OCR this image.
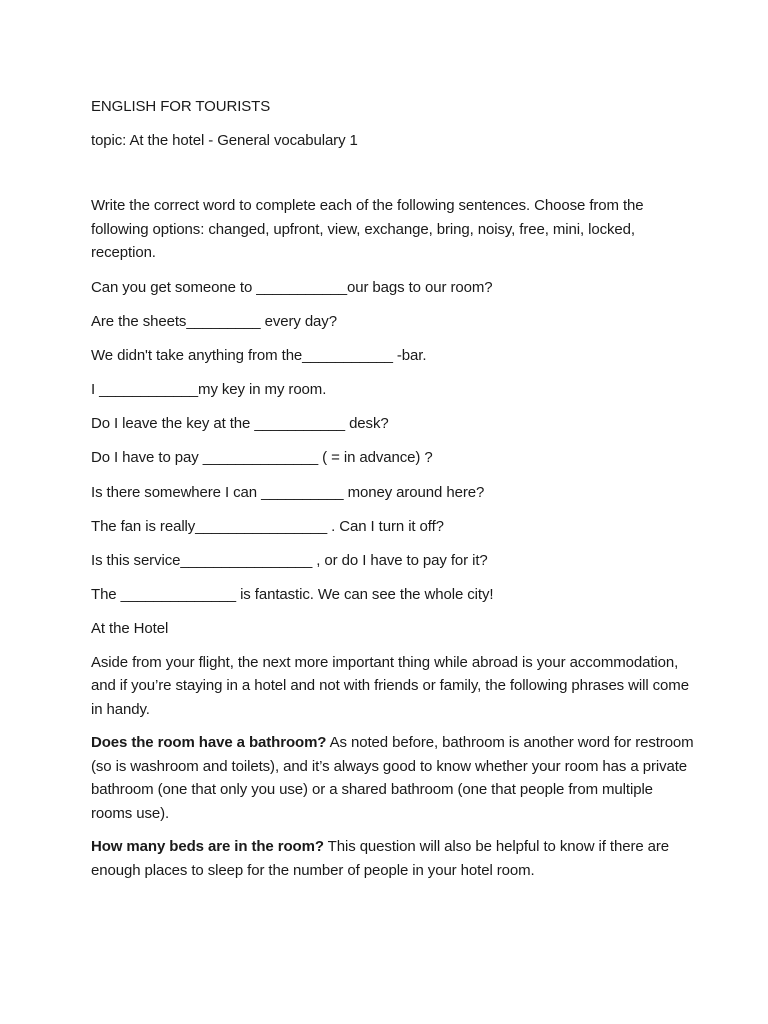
ENGLISH FOR TOURISTS

topic: At the hotel - General vocabulary 1

Write the correct word to complete each of the following sentences. Choose from the following options: changed, upfront, view, exchange, bring, noisy, free, mini, locked, reception.

Can you get someone to ___________our bags to our room?

Are the sheets_________ every day?

We didn't take anything from the___________ -bar.

I ____________my key in my room.

Do I leave the key at the ___________ desk?

Do I have to pay ______________ ( = in advance) ?

Is there somewhere I can __________ money around here?

The fan is really________________ . Can I turn it off?

Is this service________________ , or do I have to pay for it?

The ______________ is fantastic. We can see the whole city!

At the Hotel

Aside from your flight, the next more important thing while abroad is your accommodation, and if you’re staying in a hotel and not with friends or family, the following phrases will come in handy.

Does the room have a bathroom? As noted before, bathroom is another word for restroom (so is washroom and toilets), and it’s always good to know whether your room has a private bathroom (one that only you use) or a shared bathroom (one that people from multiple rooms use).

How many beds are in the room? This question will also be helpful to know if there are enough places to sleep for the number of people in your hotel room.
